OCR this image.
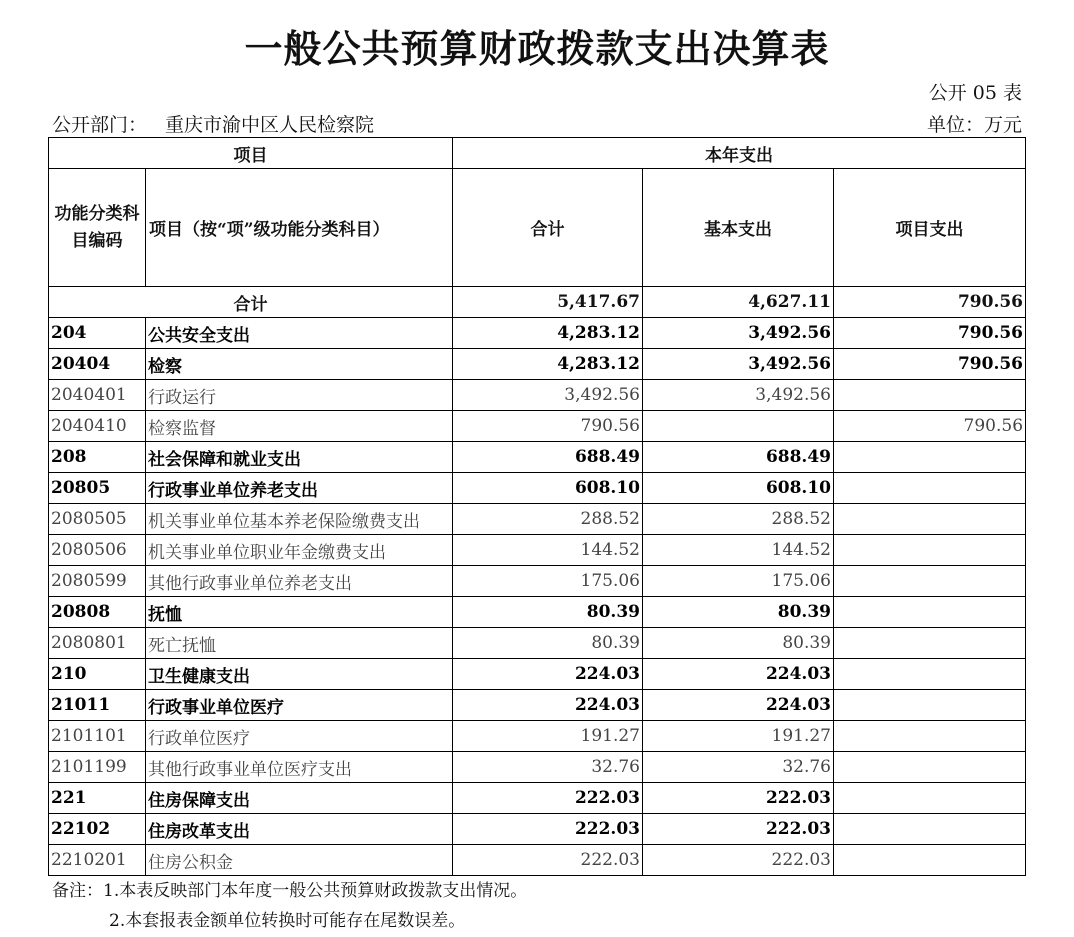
一般公共预算财政拨款支出决算表
公开 05 表
公开部门： 重庆市渝中区人民检察院	单位：万元
项目		本年支出		
功能分类科目编码	项目（按“项”级功能分类科目）	合计	基本支出	项目支出
合计		5,417.67	4,627.11	790.56
204	公共安全支出	4,283.12	3,492.56	790.56
20404	检察	4,283.12	3,492.56	790.56
2040401	行政运行	3,492.56	3,492.56	
2040410	检察监督	790.56		790.56
208	社会保障和就业支出	688.49	688.49	
20805	行政事业单位养老支出	608.10	608.10	
2080505	机关事业单位基本养老保险缴费支出	288.52	288.52	
2080506	机关事业单位职业年金缴费支出	144.52	144.52	
2080599	其他行政事业单位养老支出	175.06	175.06	
20808	抚恤	80.39	80.39	
2080801	死亡抚恤	80.39	80.39	
210	卫生健康支出	224.03	224.03	
21011	行政事业单位医疗	224.03	224.03	
2101101	行政单位医疗	191.27	191.27	
2101199	其他行政事业单位医疗支出	32.76	32.76	
221	住房保障支出	222.03	222.03	
22102	住房改革支出	222.03	222.03	
2210201	住房公积金	222.03	222.03	
备注：1.本表反映部门本年度一般公共预算财政拨款支出情况。
2.本套报表金额单位转换时可能存在尾数误差。
